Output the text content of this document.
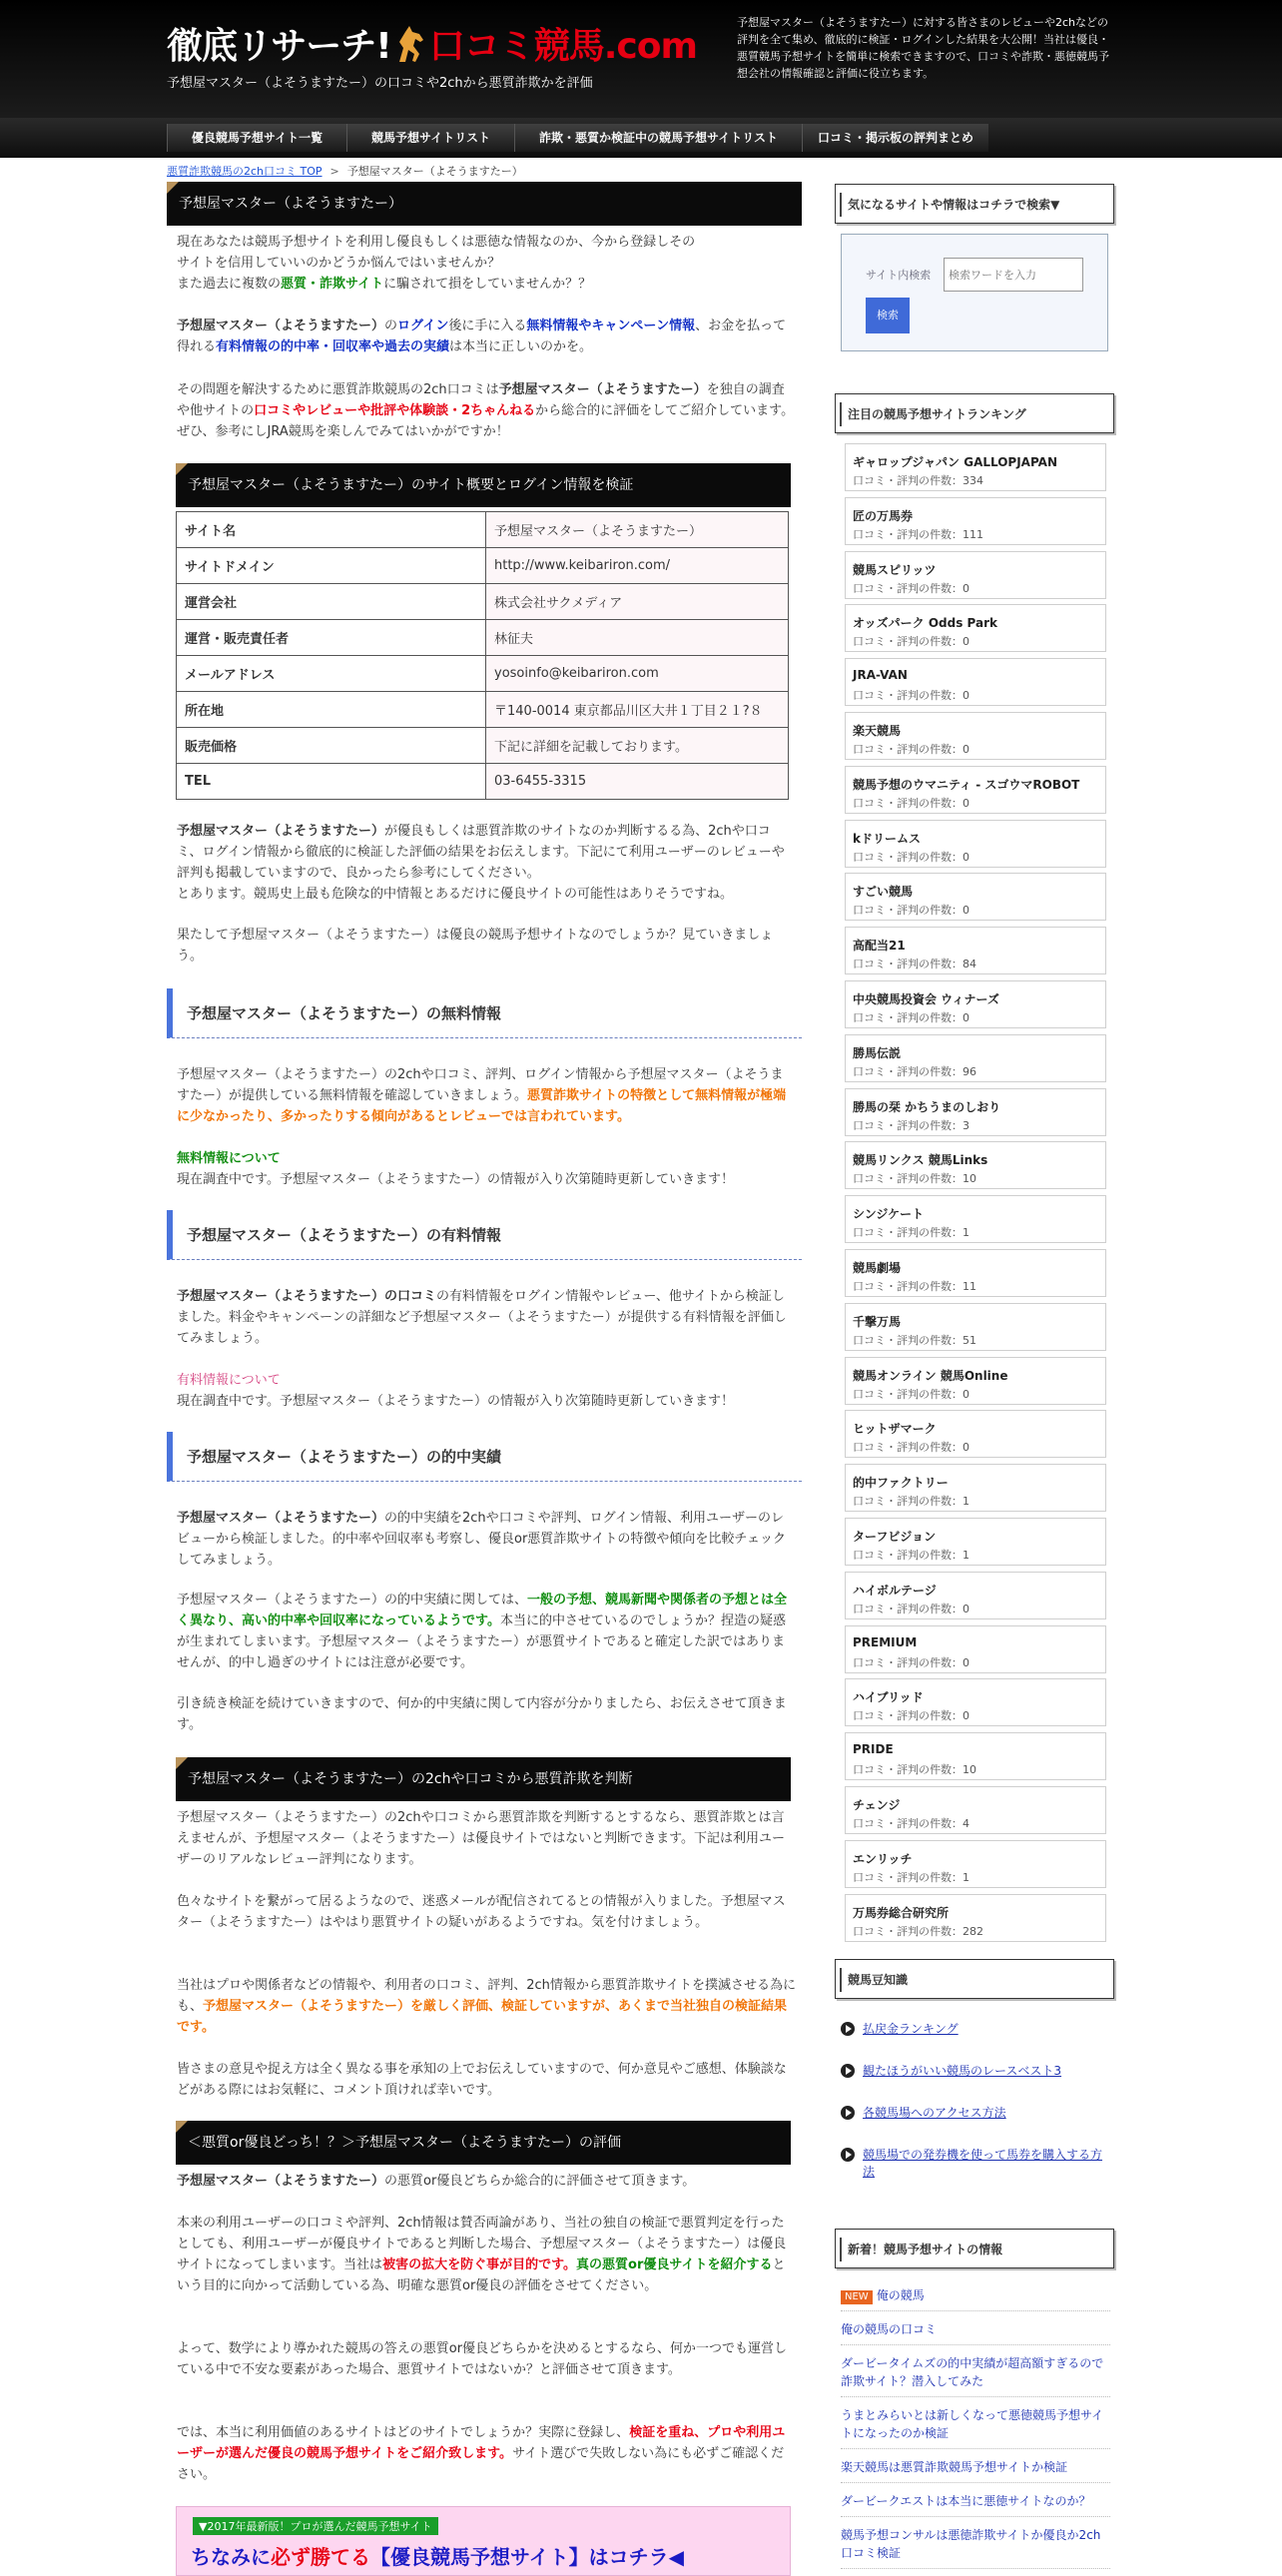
徹底リサーチ! 口コミ競馬.com
予想屋マスター（よそうますたー）の口コミや2chから悪質詐欺かを評価
予想屋マスター（よそうますたー）に対する皆さまのレビューや2chなどの評判を全て集め、徹底的に検証・ログインした結果を大公開！当社は優良・悪質競馬予想サイトを簡単に検索できますので、口コミや詐欺・悪徳競馬予想会社の情報確認と評価に役立ちます。
優良競馬予想サイト一覧	競馬予想サイトリスト	詐欺・悪質か検証中の競馬予想サイトリスト	口コミ・掲示板の評判まとめ
悪質詐欺競馬の2ch口コミ TOP > 予想屋マスター（よそうますたー）
予想屋マスター（よそうますたー）
現在あなたは競馬予想サイトを利用し優良もしくは悪徳な情報なのか、今から登録しその
サイトを信用していいのかどうか悩んではいませんか？
また過去に複数の悪質・詐欺サイトに騙されて損をしていませんか？？
予想屋マスター（よそうますたー）のログイン後に手に入る無料情報やキャンペーン情報、お金を払って得れる有料情報の的中率・回収率や過去の実績は本当に正しいのかを。
その問題を解決するために悪質詐欺競馬の2ch口コミは予想屋マスター（よそうますたー）を独自の調査や他サイトの口コミやレビューや批評や体験談・2ちゃんねるから総合的に評価をしてご紹介しています。ぜひ、参考にしJRA競馬を楽しんでみてはいかがですか！
予想屋マスター（よそうますたー）のサイト概要とログイン情報を検証
サイト名	予想屋マスター（よそうますたー）
サイトドメイン	http://www.keibariron.com/
運営会社	株式会社サクメディア
運営・販売責任者	林征夫
メールアドレス	yosoinfo@keibariron.com
所在地	〒140-0014 東京都品川区大井１丁目２１?８
販売価格	下記に詳細を記載しております。
TEL	03-6455-3315
予想屋マスター（よそうますたー）が優良もしくは悪質詐欺のサイトなのか判断するる為、2chや口コミ、ログイン情報から徹底的に検証した評価の結果をお伝えします。下記にて利用ユーザーのレビューや評判も掲載していますので、良かったら参考にしてください。
とあります。競馬史上最も危険な的中情報とあるだけに優良サイトの可能性はありそうですね。
果たして予想屋マスター（よそうますたー）は優良の競馬予想サイトなのでしょうか？見ていきましょう。
予想屋マスター（よそうますたー）の無料情報
予想屋マスター（よそうますたー）の2chや口コミ、評判、ログイン情報から予想屋マスター（よそうますたー）が提供している無料情報を確認していきましょう。悪質詐欺サイトの特徴として無料情報が極端に少なかったり、多かったりする傾向があるとレビューでは言われています。
無料情報について
現在調査中です。予想屋マスター（よそうますたー）の情報が入り次第随時更新していきます！
予想屋マスター（よそうますたー）の有料情報
予想屋マスター（よそうますたー）の口コミの有料情報をログイン情報やレビュー、他サイトから検証しました。料金やキャンペーンの詳細など予想屋マスター（よそうますたー）が提供する有料情報を評価してみましょう。
有料情報について
現在調査中です。予想屋マスター（よそうますたー）の情報が入り次第随時更新していきます！
予想屋マスター（よそうますたー）の的中実績
予想屋マスター（よそうますたー）の的中実績を2chや口コミや評判、ログイン情報、利用ユーザーのレビューから検証しました。的中率や回収率も考察し、優良or悪質詐欺サイトの特徴や傾向を比較チェックしてみましょう。
予想屋マスター（よそうますたー）の的中実績に関しては、一般の予想、競馬新聞や関係者の予想とは全く異なり、高い的中率や回収率になっているようです。本当に的中させているのでしょうか？捏造の疑惑が生まれてしまいます。予想屋マスター（よそうますたー）が悪質サイトであると確定した訳ではありませんが、的中し過ぎのサイトには注意が必要です。
引き続き検証を続けていきますので、何か的中実績に関して内容が分かりましたら、お伝えさせて頂きます。
予想屋マスター（よそうますたー）の2chや口コミから悪質詐欺を判断
予想屋マスター（よそうますたー）の2chや口コミから悪質詐欺を判断するとするなら、悪質詐欺とは言えませんが、予想屋マスター（よそうますたー）は優良サイトではないと判断できます。下記は利用ユーザーのリアルなレビュー評判になります。
色々なサイトを繋がって居るようなので、迷惑メールが配信されてるとの情報が入りました。予想屋マスター（よそうますたー）はやはり悪質サイトの疑いがあるようですね。気を付けましょう。
当社はプロや関係者などの情報や、利用者の口コミ、評判、2ch情報から悪質詐欺サイトを撲滅させる為にも、予想屋マスター（よそうますたー）を厳しく評価、検証していますが、あくまで当社独自の検証結果です。
皆さまの意見や捉え方は全く異なる事を承知の上でお伝えしていますので、何か意見やご感想、体験談などがある際にはお気軽に、コメント頂ければ幸いです。
＜悪質or優良どっち！？＞予想屋マスター（よそうますたー）の評価
予想屋マスター（よそうますたー）の悪質or優良どちらか総合的に評価させて頂きます。
本来の利用ユーザーの口コミや評判、2ch情報は賛否両論があり、当社の独自の検証で悪質判定を行ったとしても、利用ユーザーが優良サイトであると判断した場合、予想屋マスター（よそうますたー）は優良サイトになってしまいます。当社は被害の拡大を防ぐ事が目的です。真の悪質or優良サイトを紹介するという目的に向かって活動している為、明確な悪質or優良の評価をさせてください。
よって、数学により導かれた競馬の答えの悪質or優良どちらかを決めるとするなら、何か一つでも運営している中で不安な要素があった場合、悪質サイトではないか？と評価させて頂きます。
では、本当に利用価値のあるサイトはどのサイトでしょうか？実際に登録し、検証を重ね、プロや利用ユーザーが選んだ優良の競馬予想サイトをご紹介致します。サイト選びで失敗しない為にも必ずご確認ください。
▼2017年最新版！プロが選んだ競馬予想サイト
ちなみに必ず勝てる【優良競馬予想サイト】はコチラ◀
気になるサイトや情報はコチラで検索▼
サイト内検索
検索ワードを入力
検索
注目の競馬予想サイトランキング
ギャロップジャパン GALLOPJAPAN
口コミ・評判の件数：334
匠の万馬券
口コミ・評判の件数：111
競馬スピリッツ
口コミ・評判の件数：0
オッズパーク Odds Park
口コミ・評判の件数：0
JRA-VAN
口コミ・評判の件数：0
楽天競馬
口コミ・評判の件数：0
競馬予想のウマニティ - スゴウマROBOT
口コミ・評判の件数：0
kドリームス
口コミ・評判の件数：0
すごい競馬
口コミ・評判の件数：0
高配当21
口コミ・評判の件数：84
中央競馬投資会 ウィナーズ
口コミ・評判の件数：0
勝馬伝説
口コミ・評判の件数：96
勝馬の栞 かちうまのしおり
口コミ・評判の件数：3
競馬リンクス 競馬Links
口コミ・評判の件数：10
シンジケート
口コミ・評判の件数：1
競馬劇場
口コミ・評判の件数：11
千撃万馬
口コミ・評判の件数：51
競馬オンライン 競馬Online
口コミ・評判の件数：0
ヒットザマーク
口コミ・評判の件数：0
的中ファクトリー
口コミ・評判の件数：1
ターフビジョン
口コミ・評判の件数：1
ハイボルテージ
口コミ・評判の件数：0
PREMIUM
口コミ・評判の件数：0
ハイブリッド
口コミ・評判の件数：0
PRIDE
口コミ・評判の件数：10
チェンジ
口コミ・評判の件数：4
エンリッチ
口コミ・評判の件数：1
万馬券総合研究所
口コミ・評判の件数：282
競馬豆知識
払戻金ランキング
観たほうがいい競馬のレースベスト3
各競馬場へのアクセス方法
競馬場での発券機を使って馬券を購入する方法
新着！競馬予想サイトの情報
NEW 俺の競馬
俺の競馬の口コミ
ダービータイムズの的中実績が超高額すぎるので詐欺サイト？潜入してみた
うまとみらいとは新しくなって悪徳競馬予想サイトになったのか検証
楽天競馬は悪質詐欺競馬予想サイトか検証
ダービークエストは本当に悪徳サイトなのか？
競馬予想コンサルは悪徳詐欺サイトか優良か2ch口コミ検証
